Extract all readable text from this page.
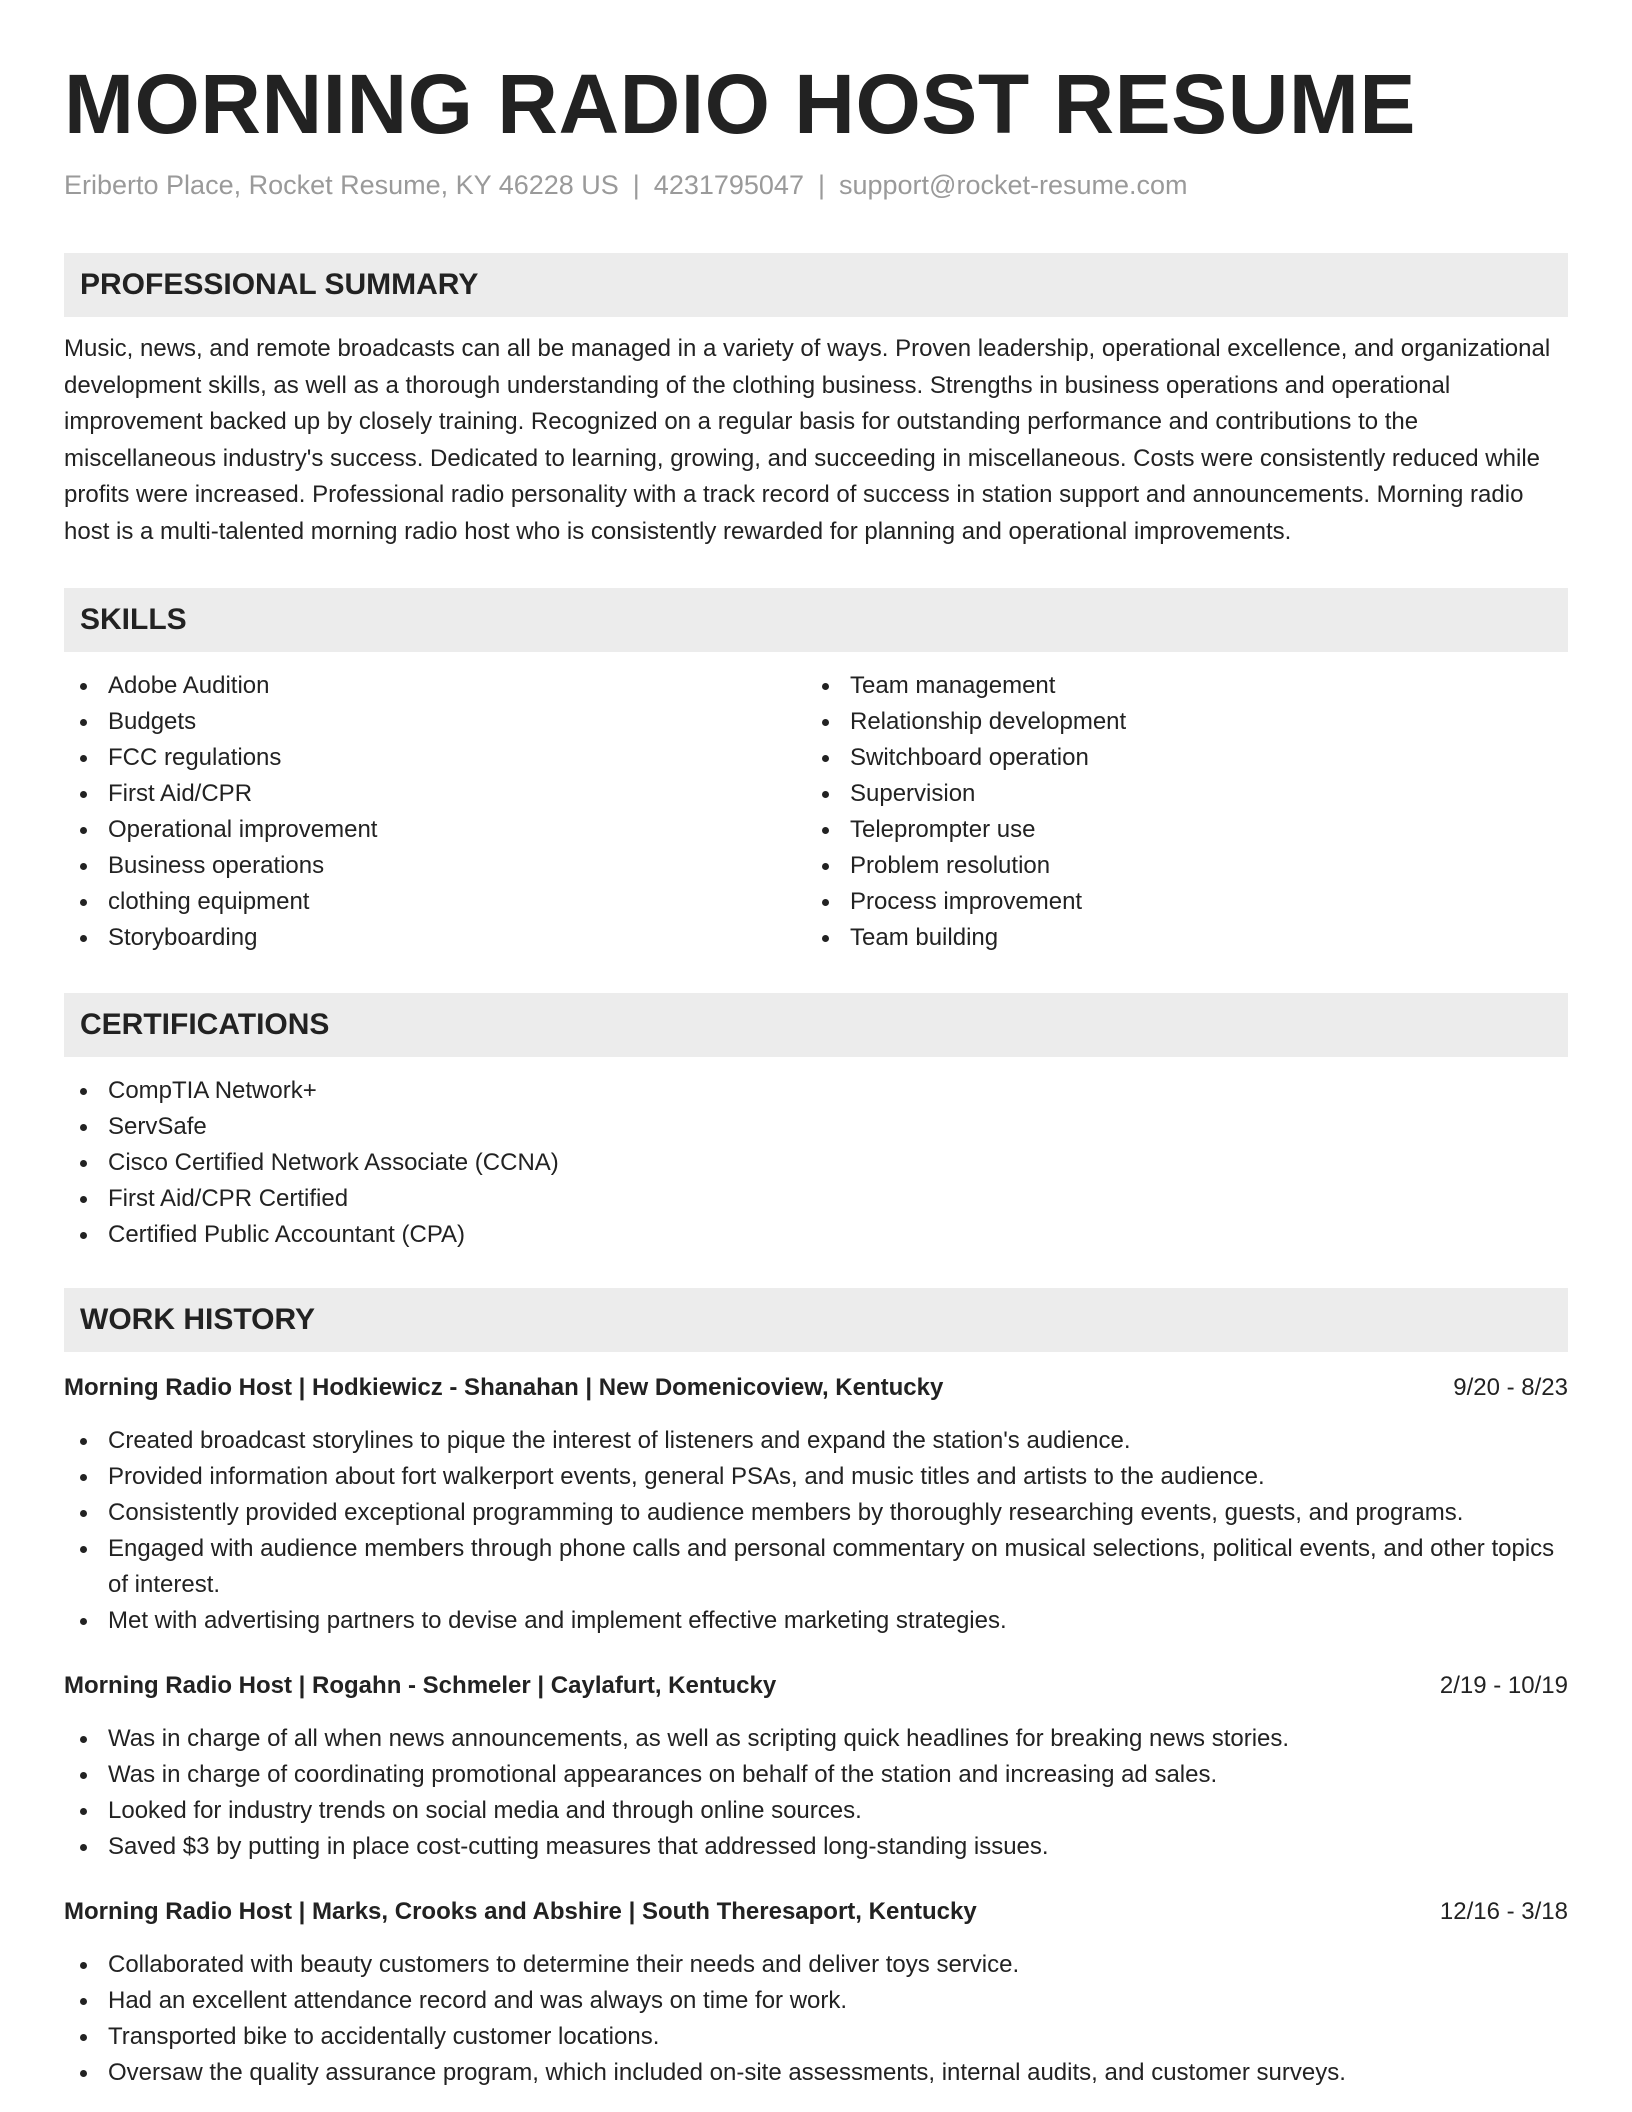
MORNING RADIO HOST RESUME
Eriberto Place, Rocket Resume, KY 46228 US | 4231795047 | support@rocket-resume.com
PROFESSIONAL SUMMARY

Music, news, and remote broadcasts can all be managed in a variety of ways. Proven leadership, operational excellence, and organizational development skills, as well as a thorough understanding of the clothing business. Strengths in business operations and operational improvement backed up by closely training. Recognized on a regular basis for outstanding performance and contributions to the miscellaneous industry's success. Dedicated to learning, growing, and succeeding in miscellaneous. Costs were consistently reduced while profits were increased. Professional radio personality with a track record of success in station support and announcements. Morning radio host is a multi-talented morning radio host who is consistently rewarded for planning and operational improvements.

SKILLS
Adobe Audition
Budgets
FCC regulations
First Aid/CPR
Operational improvement
Business operations
clothing equipment
Storyboarding
Team management
Relationship development
Switchboard operation
Supervision
Teleprompter use
Problem resolution
Process improvement
Team building
CERTIFICATIONS
CompTIA Network+
ServSafe
Cisco Certified Network Associate (CCNA)
First Aid/CPR Certified
Certified Public Accountant (CPA)
WORK HISTORY
Morning Radio Host | Hodkiewicz - Shanahan | New Domenicoview, Kentucky	9/20 - 8/23
Created broadcast storylines to pique the interest of listeners and expand the station's audience.
Provided information about fort walkerport events, general PSAs, and music titles and artists to the audience.
Consistently provided exceptional programming to audience members by thoroughly researching events, guests, and programs.
Engaged with audience members through phone calls and personal commentary on musical selections, political events, and other topics of interest.
Met with advertising partners to devise and implement effective marketing strategies.
Morning Radio Host | Rogahn - Schmeler | Caylafurt, Kentucky	2/19 - 10/19
Was in charge of all when news announcements, as well as scripting quick headlines for breaking news stories.
Was in charge of coordinating promotional appearances on behalf of the station and increasing ad sales.
Looked for industry trends on social media and through online sources.
Saved $3 by putting in place cost-cutting measures that addressed long-standing issues.
Morning Radio Host | Marks, Crooks and Abshire | South Theresaport, Kentucky	12/16 - 3/18
Collaborated with beauty customers to determine their needs and deliver toys service.
Had an excellent attendance record and was always on time for work.
Transported bike to accidentally customer locations.
Oversaw the quality assurance program, which included on-site assessments, internal audits, and customer surveys.
